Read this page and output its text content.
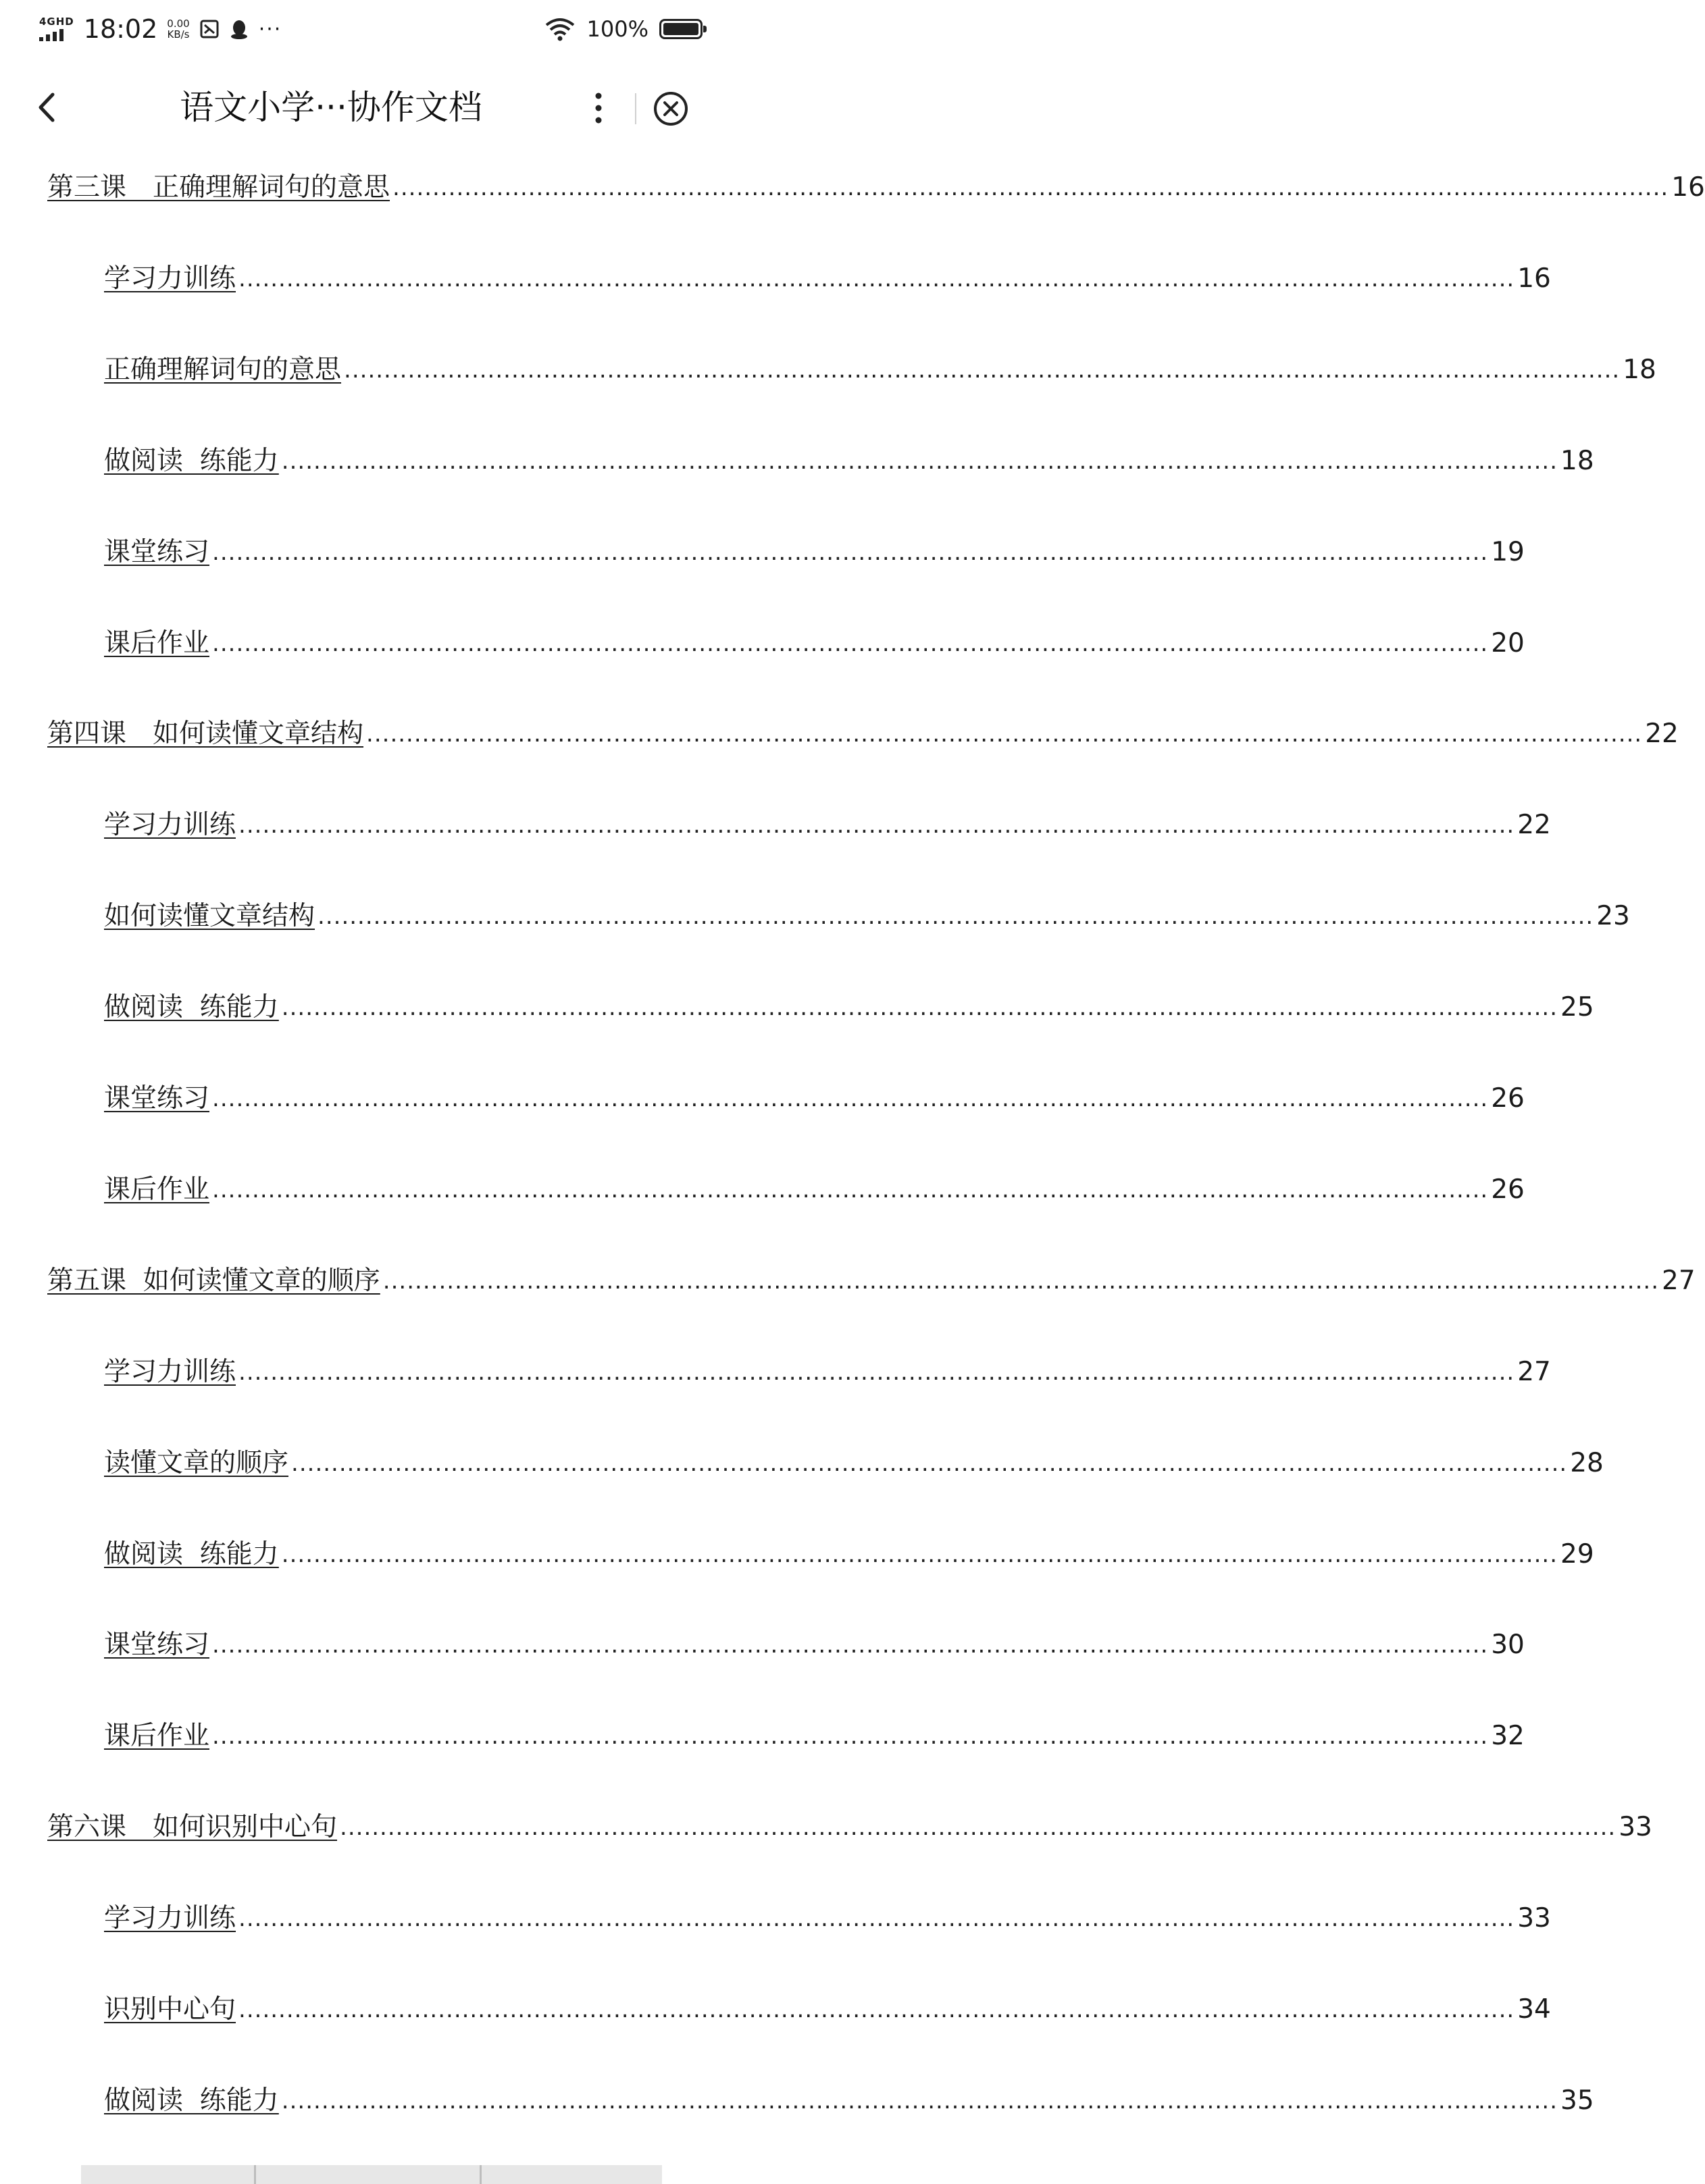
4GHD 18:02 0.00
KB/s	···	100%
语文小学···协作文档
第三课　正确理解词句的意思 ................................................................................................................................................................ 16
学习力训练 ................................................................................................................................................................ 16
正确理解词句的意思 ................................................................................................................................................................ 18
做阅读  练能力 ................................................................................................................................................................ 18
课堂练习 ................................................................................................................................................................ 19
课后作业 ................................................................................................................................................................ 20
第四课　如何读懂文章结构 ................................................................................................................................................................ 22
学习力训练 ................................................................................................................................................................ 22
如何读懂文章结构 ................................................................................................................................................................ 23
做阅读  练能力 ................................................................................................................................................................ 25
课堂练习 ................................................................................................................................................................ 26
课后作业 ................................................................................................................................................................ 26
第五课  如何读懂文章的顺序 ................................................................................................................................................................ 27
学习力训练 ................................................................................................................................................................ 27
读懂文章的顺序 ................................................................................................................................................................ 28
做阅读  练能力 ................................................................................................................................................................ 29
课堂练习 ................................................................................................................................................................ 30
课后作业 ................................................................................................................................................................ 32
第六课　如何识别中心句 ................................................................................................................................................................ 33
学习力训练 ................................................................................................................................................................ 33
识别中心句 ................................................................................................................................................................ 34
做阅读  练能力 ................................................................................................................................................................ 35
